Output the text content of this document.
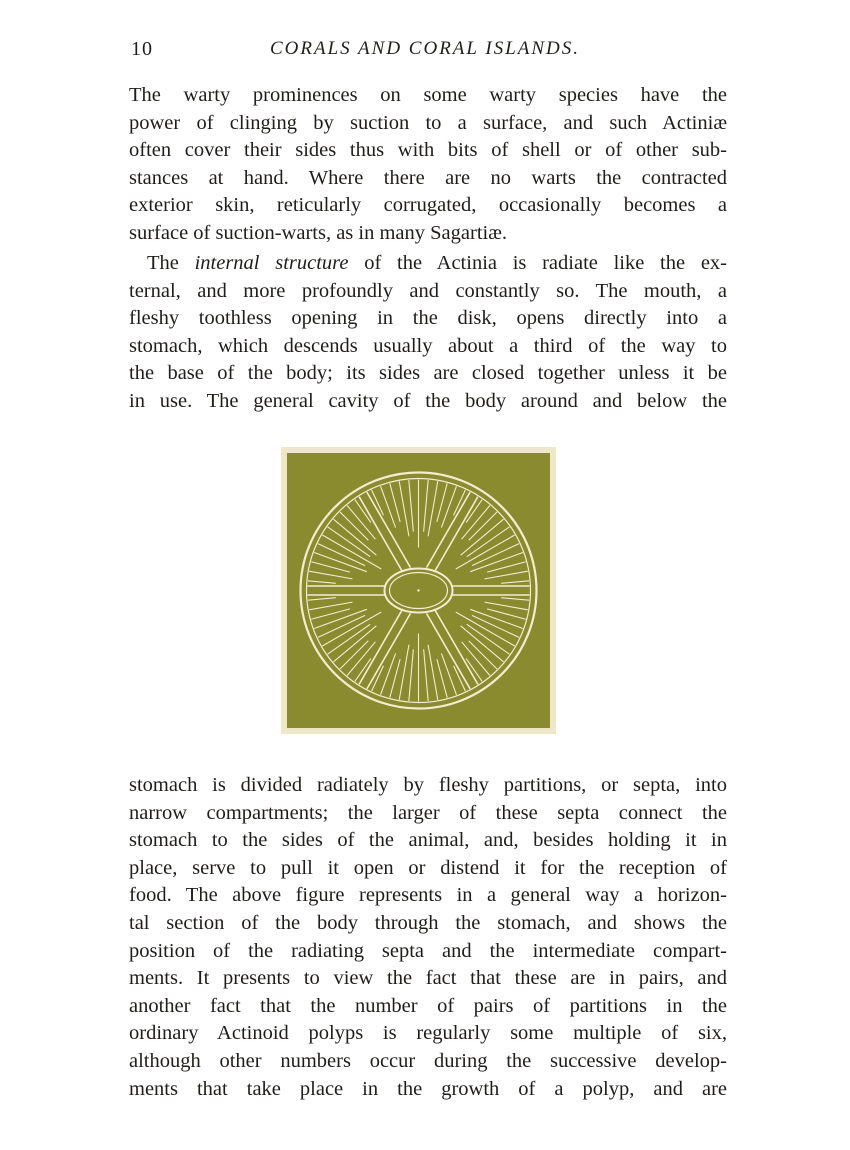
10	CORALS AND CORAL ISLANDS.
The warty prominences on some warty species have the
power of clinging by suction to a surface, and such Actiniæ
often cover their sides thus with bits of shell or of other sub-
stances at hand. Where there are no warts the contracted
exterior skin, reticularly corrugated, occasionally becomes a
surface of suction-warts, as in many Sagartiæ.
The internal structure of the Actinia is radiate like the ex-
ternal, and more profoundly and constantly so. The mouth, a
fleshy toothless opening in the disk, opens directly into a
stomach, which descends usually about a third of the way to
the base of the body; its sides are closed together unless it be
in use. The general cavity of the body around and below the
stomach is divided radiately by fleshy partitions, or septa, into
narrow compartments; the larger of these septa connect the
stomach to the sides of the animal, and, besides holding it in
place, serve to pull it open or distend it for the reception of
food. The above figure represents in a general way a horizon-
tal section of the body through the stomach, and shows the
position of the radiating septa and the intermediate compart-
ments. It presents to view the fact that these are in pairs, and
another fact that the number of pairs of partitions in the
ordinary Actinoid polyps is regularly some multiple of six,
although other numbers occur during the successive develop-
ments that take place in the growth of a polyp, and are
